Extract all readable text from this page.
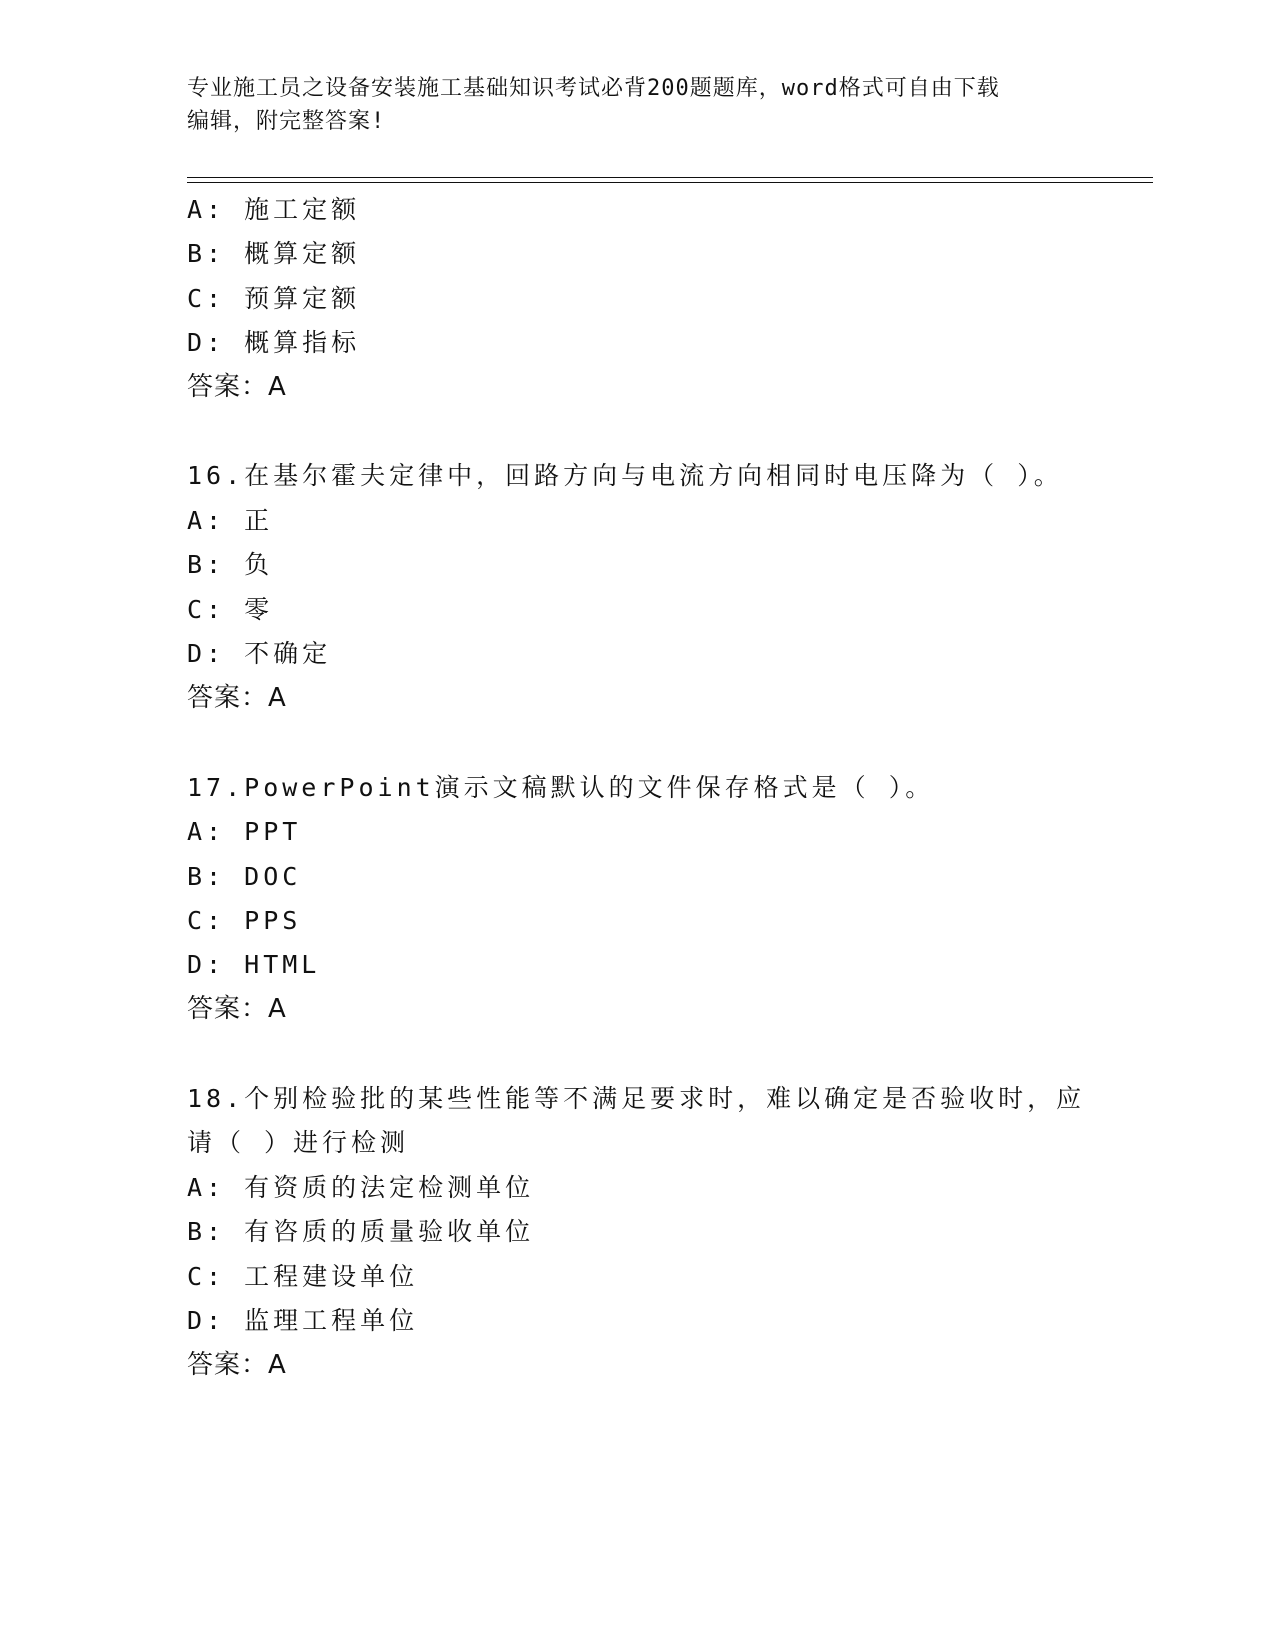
专业施工员之设备安装施工基础知识考试必背200题题库，word格式可自由下载
编辑，附完整答案!
A: 施工定额
B: 概算定额
C: 预算定额
D: 概算指标
答案：A
16.在基尔霍夫定律中，回路方向与电流方向相同时电压降为（ ）。
A: 正
B: 负
C: 零
D: 不确定
答案：A
17.PowerPoint演示文稿默认的文件保存格式是（ ）。
A: PPT
B: DOC
C: PPS
D: HTML
答案：A
18.个别检验批的某些性能等不满足要求时，难以确定是否验收时，应
请（ ）进行检测
A: 有资质的法定检测单位
B: 有咨质的质量验收单位
C: 工程建设单位
D: 监理工程单位
答案：A
